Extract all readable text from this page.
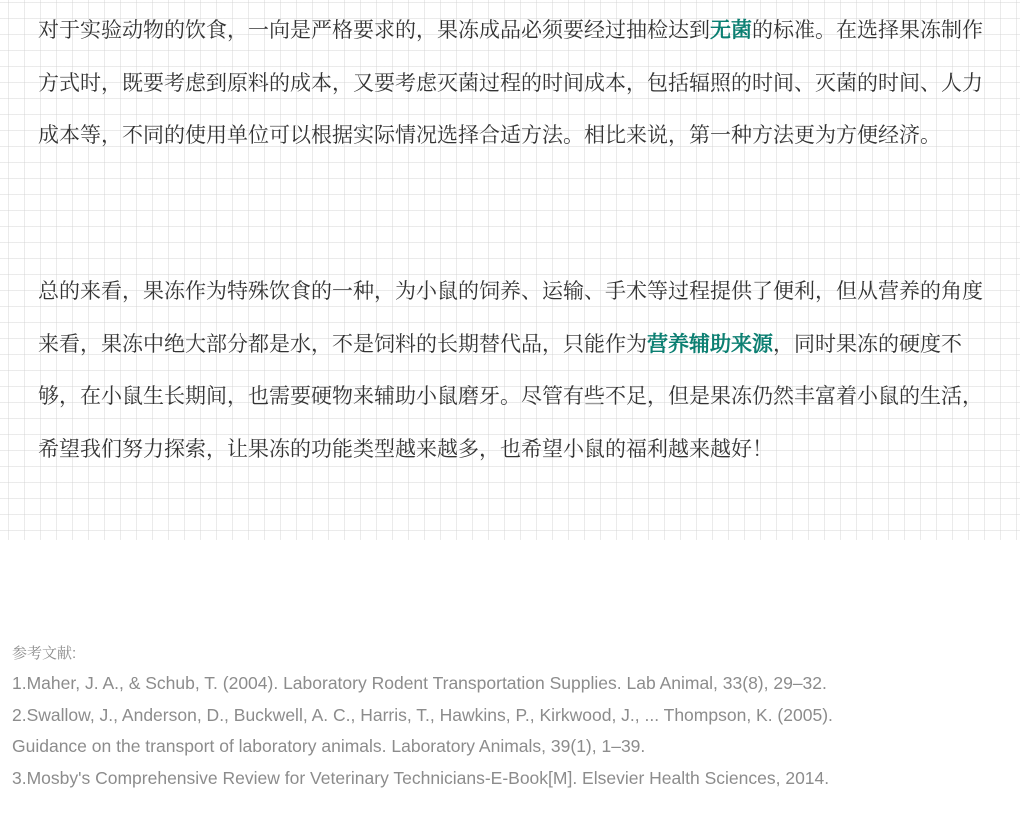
对于实验动物的饮食，一向是严格要求的，果冻成品必须要经过抽检达到无菌的标准。在选择果冻制作方式时，既要考虑到原料的成本，又要考虑灭菌过程的时间成本，包括辐照的时间、灭菌的时间、人力成本等，不同的使用单位可以根据实际情况选择合适方法。相比来说，第一种方法更为方便经济。

总的来看，果冻作为特殊饮食的一种，为小鼠的饲养、运输、手术等过程提供了便利，但从营养的角度来看，果冻中绝大部分都是水，不是饲料的长期替代品，只能作为营养辅助来源，同时果冻的硬度不够，在小鼠生长期间，也需要硬物来辅助小鼠磨牙。尽管有些不足，但是果冻仍然丰富着小鼠的生活，希望我们努力探索，让果冻的功能类型越来越多，也希望小鼠的福利越来越好！

参考文献:

1.Maher, J. A., & Schub, T. (2004). Laboratory Rodent Transportation Supplies. Lab Animal, 33(8), 29–32.

2.Swallow, J., Anderson, D., Buckwell, A. C., Harris, T., Hawkins, P., Kirkwood, J., ... Thompson, K. (2005).

Guidance on the transport of laboratory animals. Laboratory Animals, 39(1), 1–39.

3.Mosby's Comprehensive Review for Veterinary Technicians-E-Book[M]. Elsevier Health Sciences, 2014.
